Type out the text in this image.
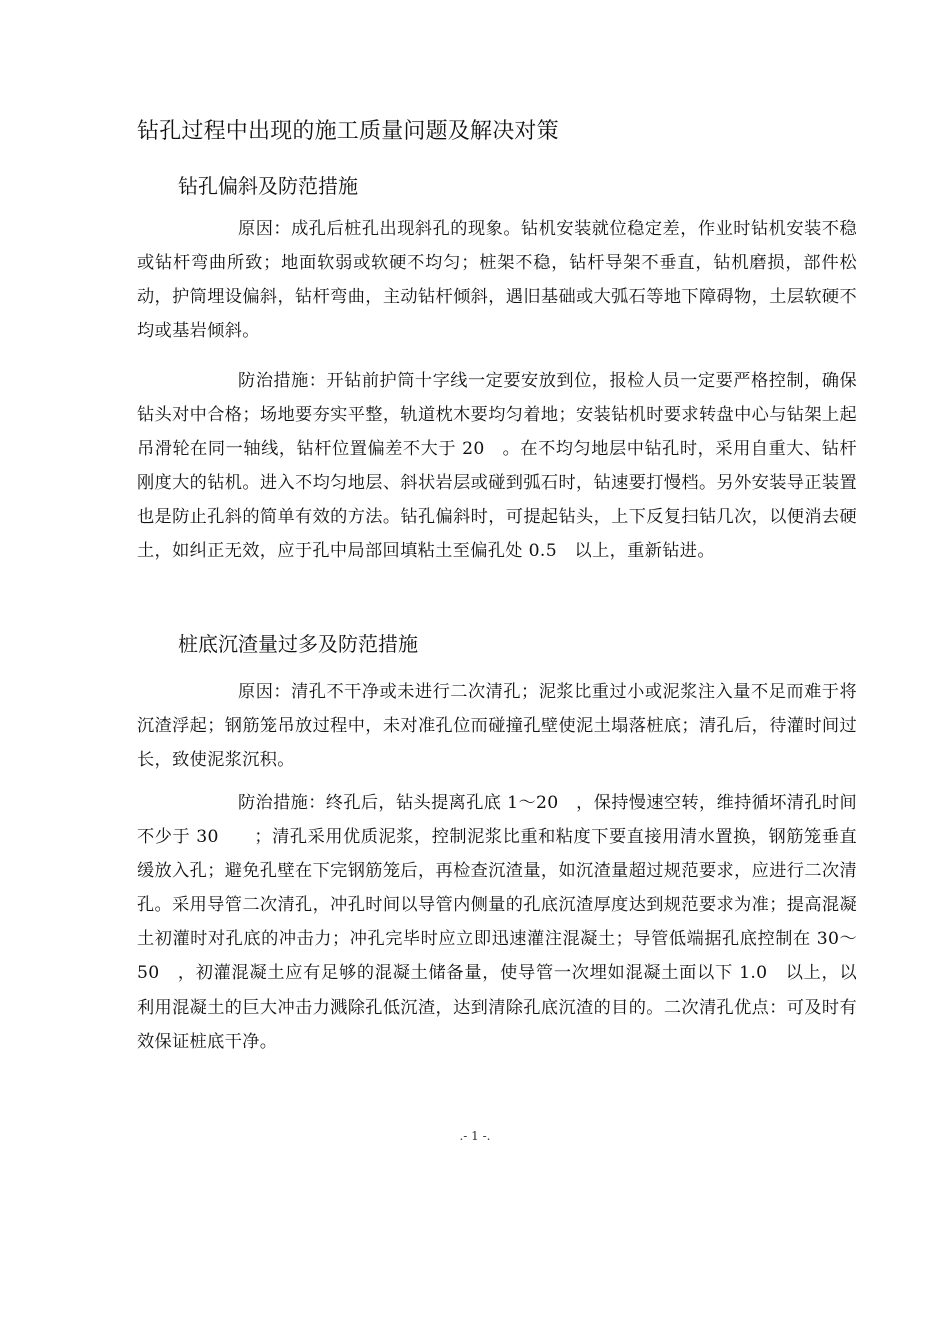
钻孔过程中出现的施工质量问题及解决对策
钻孔偏斜及防范措施

原因：成孔后桩孔出现斜孔的现象。钻机安装就位稳定差，作业时钻机安装不稳或钻杆弯曲所致；地面软弱或软硬不均匀；桩架不稳，钻杆导架不垂直，钻机磨损，部件松动，护筒埋设偏斜，钻杆弯曲，主动钻杆倾斜，遇旧基础或大弧石等地下障碍物，土层软硬不均或基岩倾斜。

防治措施：开钻前护筒十字线一定要安放到位，报检人员一定要严格控制，确保钻头对中合格；场地要夯实平整，轨道枕木要均匀着地；安装钻机时要求转盘中心与钻架上起吊滑轮在同一轴线，钻杆位置偏差不大于 20　。在不均匀地层中钻孔时，采用自重大、钻杆刚度大的钻机。进入不均匀地层、斜状岩层或碰到弧石时，钻速要打慢档。另外安装导正装置也是防止孔斜的简单有效的方法。钻孔偏斜时，可提起钻头，上下反复扫钻几次，以便消去硬土，如纠正无效，应于孔中局部回填粘土至偏孔处 0.5　以上，重新钻进。

桩底沉渣量过多及防范措施

原因：清孔不干净或未进行二次清孔；泥浆比重过小或泥浆注入量不足而难于将沉渣浮起；钢筋笼吊放过程中，未对准孔位而碰撞孔壁使泥土塌落桩底；清孔后，待灌时间过长，致使泥浆沉积。

防治措施：终孔后，钻头提离孔底 1～20　，保持慢速空转，维持循坏清孔时间不少于 30　　；清孔采用优质泥浆，控制泥浆比重和粘度下要直接用清水置换，钢筋笼垂直缓放入孔；避免孔壁在下完钢筋笼后，再检查沉渣量，如沉渣量超过规范要求，应进行二次清孔。采用导管二次清孔，冲孔时间以导管内侧量的孔底沉渣厚度达到规范要求为准；提高混凝土初灌时对孔底的冲击力；冲孔完毕时应立即迅速灌注混凝土；导管低端据孔底控制在 30～50　，初灌混凝土应有足够的混凝土储备量，使导管一次埋如混凝土面以下 1.0　以上，以利用混凝土的巨大冲击力溅除孔低沉渣，达到清除孔底沉渣的目的。二次清孔优点：可及时有效保证桩底干净。

.- 1 -.
